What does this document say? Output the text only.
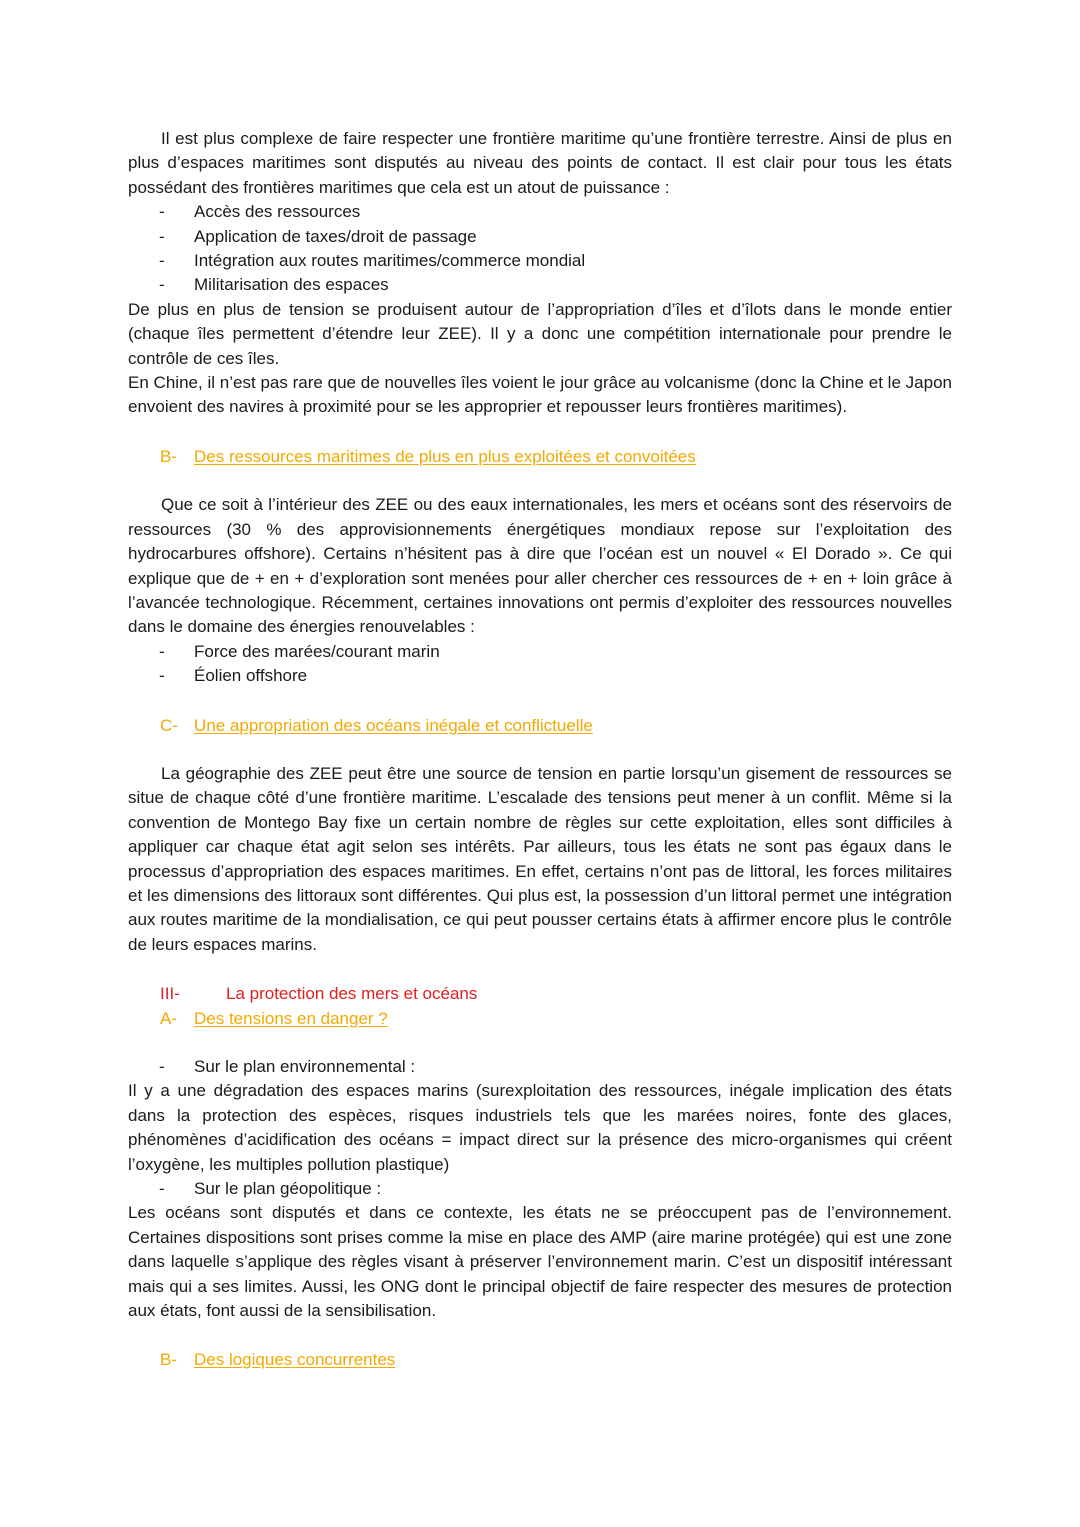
Il est plus complexe de faire respecter une frontière maritime qu’une frontière terrestre. Ainsi de plus en plus d’espaces maritimes sont disputés au niveau des points de contact. Il est clair pour tous les états possédant des frontières maritimes que cela est un atout de puissance :

- Accès des ressources
- Application de taxes/droit de passage
- Intégration aux routes maritimes/commerce mondial
- Militarisation des espaces

De plus en plus de tension se produisent autour de l’appropriation d’îles et d’îlots dans le monde entier (chaque îles permettent d’étendre leur ZEE). Il y a donc une compétition internationale pour prendre le contrôle de ces îles.

En Chine, il n’est pas rare que de nouvelles îles voient le jour grâce au volcanisme (donc la Chine et le Japon envoient des navires à proximité pour se les approprier et repousser leurs frontières maritimes).

B- Des ressources maritimes de plus en plus exploitées et convoitées

Que ce soit à l’intérieur des ZEE ou des eaux internationales, les mers et océans sont des réservoirs de ressources (30 % des approvisionnements énergétiques mondiaux repose sur l’exploitation des hydrocarbures offshore). Certains n’hésitent pas à dire que l’océan est un nouvel « El Dorado ». Ce qui explique que de + en + d’exploration sont menées pour aller chercher ces ressources de + en + loin grâce à l’avancée technologique. Récemment, certaines innovations ont permis d’exploiter des ressources nouvelles dans le domaine des énergies renouvelables :

- Force des marées/courant marin
- Éolien offshore
C- Une appropriation des océans inégale et conflictuelle

La géographie des ZEE peut être une source de tension en partie lorsqu’un gisement de ressources se situe de chaque côté d’une frontière maritime. L’escalade des tensions peut mener à un conflit. Même si la convention de Montego Bay fixe un certain nombre de règles sur cette exploitation, elles sont difficiles à appliquer car chaque état agit selon ses intérêts. Par ailleurs, tous les états ne sont pas égaux dans le processus d’appropriation des espaces maritimes. En effet, certains n’ont pas de littoral, les forces militaires et les dimensions des littoraux sont différentes. Qui plus est, la possession d’un littoral permet une intégration aux routes maritime de la mondialisation, ce qui peut pousser certains états à affirmer encore plus le contrôle de leurs espaces marins.

III-	La protection des mers et océans
A- Des tensions en danger ?
- Sur le plan environnemental :

Il y a une dégradation des espaces marins (surexploitation des ressources, inégale implication des états dans la protection des espèces, risques industriels tels que les marées noires, fonte des glaces, phénomènes d’acidification des océans = impact direct sur la présence des micro-organismes qui créent l’oxygène, les multiples pollution plastique)

- Sur le plan géopolitique :

Les océans sont disputés et dans ce contexte, les états ne se préoccupent pas de l’environnement. Certaines dispositions sont prises comme la mise en place des AMP (aire marine protégée) qui est une zone dans laquelle s’applique des règles visant à préserver l’environnement marin. C’est un dispositif intéressant mais qui a ses limites. Aussi, les ONG dont le principal objectif de faire respecter des mesures de protection aux états, font aussi de la sensibilisation.

B- Des logiques concurrentes
